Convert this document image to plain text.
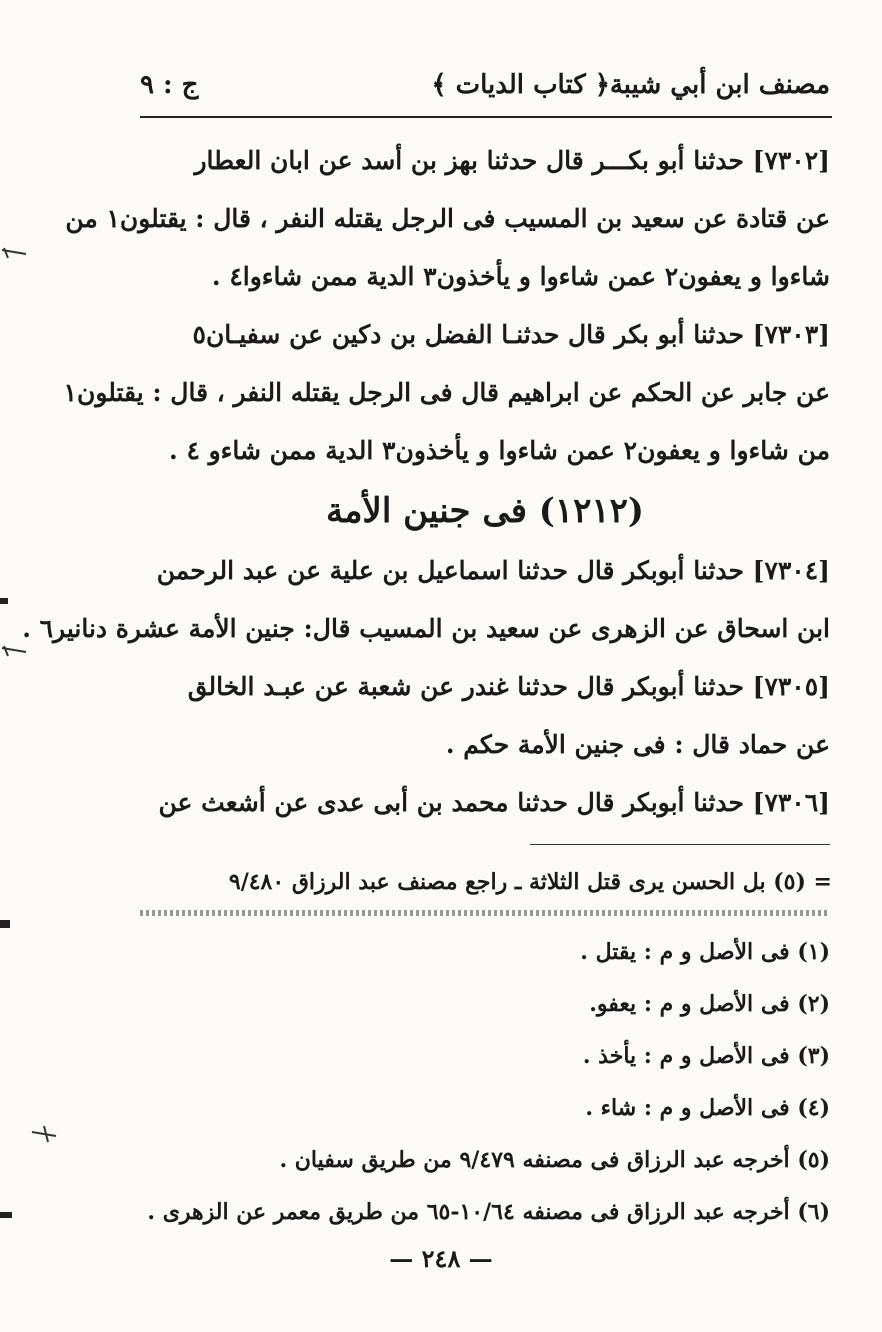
مصنف ابن أبي شيبة
﴿ كتاب الديات ﴾
ج : ٩
[٧٣٠٢] حدثنا أبو بكـــر قال حدثنا بهز بن أسد عن ابان العطار
عن قتادة عن سعيد بن المسيب فى الرجل يقتله النفر ، قال : يقتلون١ من
شاءوا و يعفون٢ عمن شاءوا و يأخذون٣ الدية ممن شاءوا٤ .
[٧٣٠٣] حدثنا أبو بكر قال حدثنـا الفضل بن دكين عن سفيـان٥
عن جابر عن الحكم عن ابراهيم قال فى الرجل يقتله النفر ، قال : يقتلون١
من شاءوا و يعفون٢ عمن شاءوا و يأخذون٣ الدية ممن شاءو ٤ .
(١٢١٢) فى جنين الأمة
[٧٣٠٤] حدثنا أبوبكر قال حدثنا اسماعيل بن علية عن عبد الرحمن
ابن اسحاق عن الزهرى عن سعيد بن المسيب قال: جنين الأمة عشرة دنانير٦ .
[٧٣٠٥] حدثنا أبوبكر قال حدثنا غندر عن شعبة عن عبـد الخالق
عن حماد قال : فى جنين الأمة حكم .
[٧٣٠٦] حدثنا أبوبكر قال حدثنا محمد بن أبى عدى عن أشعث عن
= (٥) بل الحسن يرى قتل الثلاثة ـ راجع مصنف عبد الرزاق ٩/٤٨٠
(١) فى الأصل و م : يقتل .
(٢) فى الأصل و م : يعفو.
(٣) فى الأصل و م : يأخذ .
(٤) فى الأصل و م : شاء .
(٥) أخرجه عبد الرزاق فى مصنفه ٩/٤٧٩ من طريق سفيان .
(٦) أخرجه عبد الرزاق فى مصنفه ١٠/٦٤-٦٥ من طريق معمر عن الزهرى .
— ٢٤٨ —
